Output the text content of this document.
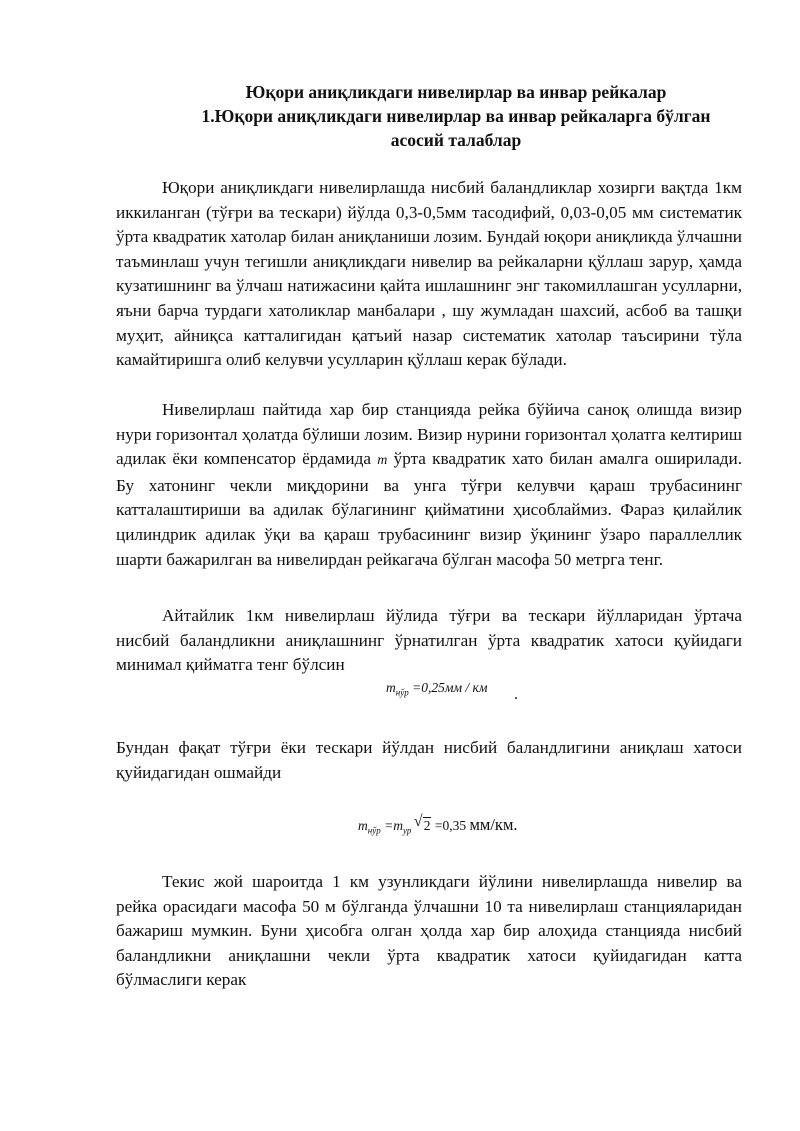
Юқори аниқликдаги нивелирлар ва инвар рейкалар

1.Юқори аниқликдаги нивелирлар ва инвар рейкаларга бўлган

асосий талаблар

Юқори аниқликдаги нивелирлашда нисбий баландликлар хозирги вақтда 1км иккиланган (тўғри ва тескари) йўлда 0,3-0,5мм тасодифий, 0,03-0,05 мм систематик ўрта квадратик хатолар билан аниқланиши лозим. Бундай юқори аниқликда ўлчашни таъминлаш учун тегишли аниқликдаги нивелир ва рейкаларни қўллаш зарур, ҳамда кузатишнинг ва ўлчаш натижасини қайта ишлашнинг энг такомиллашган усулларни, яъни барча турдаги хатоликлар манбалари , шу жумладан шахсий, асбоб ва ташқи муҳит, айниқса катталигидан қатъий назар систематик хатолар таъсирини тўла камайтиришга олиб келувчи усулларин қўллаш керак бўлади.

Нивелирлаш пайтида хар бир станцияда рейка бўйича саноқ олишда визир нури горизонтал ҳолатда бўлиши лозим. Визир нурини горизонтал ҳолатга келтириш адилак ёки компенсатор ёрдамида m ўрта квадратик хато билан амалга оширилади. Бу хатонинг чекли миқдорини ва унга тўғри келувчи қараш трубасининг катталаштириши ва адилак бўлагининг қийматини ҳисоблаймиз. Фараз қилайлик цилиндрик адилак ўқи ва қараш трубасининг визир ўқининг ўзаро параллеллик шарти бажарилган ва нивелирдан рейкагача бўлган масофа 50 метрга тенг.

Айтайлик 1км нивелирлаш йўлида тўғри ва тескари йўлларидан ўртача нисбий баландликни аниқлашнинг ўрнатилган ўрта квадратик хатоси қуйидаги минимал қийматга тенг бўлсин

$m_{нўр} =0,25мм$ / км .

Бундан фақат тўғри ёки тескари йўлдан нисбий баландлигини аниқлаш хатоси қуйидагидан ошмайди

$m_{нўр} =m_{ур}$
√ 2 =0,35 мм/км.

Текис жой шароитда 1 км узунликдаги йўлини нивелирлашда нивелир ва рейка орасидаги масофа 50 м бўлганда ўлчашни 10 та нивелирлаш станцияларидан бажариш мумкин. Буни ҳисобга олган ҳолда хар бир алоҳида станцияда нисбий баландликни аниқлашни чекли ўрта квадратик хатоси қуйидагидан катта бўлмаслиги керак
